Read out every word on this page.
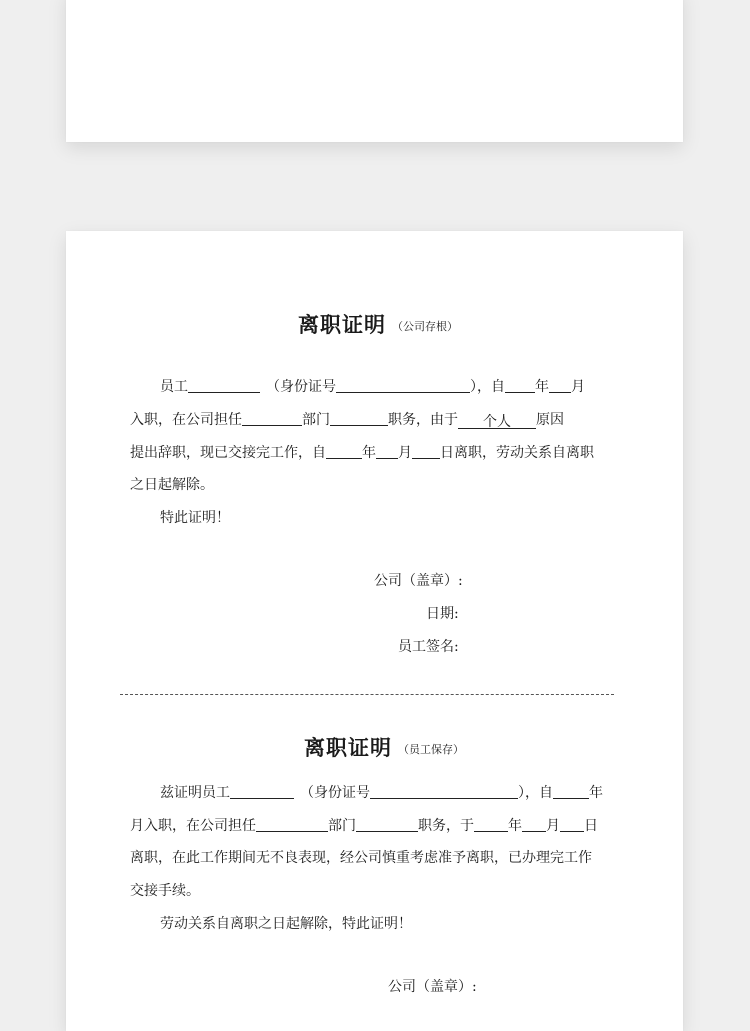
离职证明 （公司存根）
员工	（身份证号	），自 年 月
入职，在公司担任	部门	职务，由于 个人 原因
提出辞职，现已交接完工作，自	年 月 日离职，劳动关系自离职
之日起解除。
特此证明！
公司（盖章）:
日期:
员工签名:
离职证明 （员工保存）
兹证明员工	（身份证号	），自	年
月入职，在公司担任	部门	职务，于 年 月 日
离职，在此工作期间无不良表现，经公司慎重考虑准予离职，已办理完工作
交接手续。
劳动关系自离职之日起解除，特此证明！
公司（盖章）:
